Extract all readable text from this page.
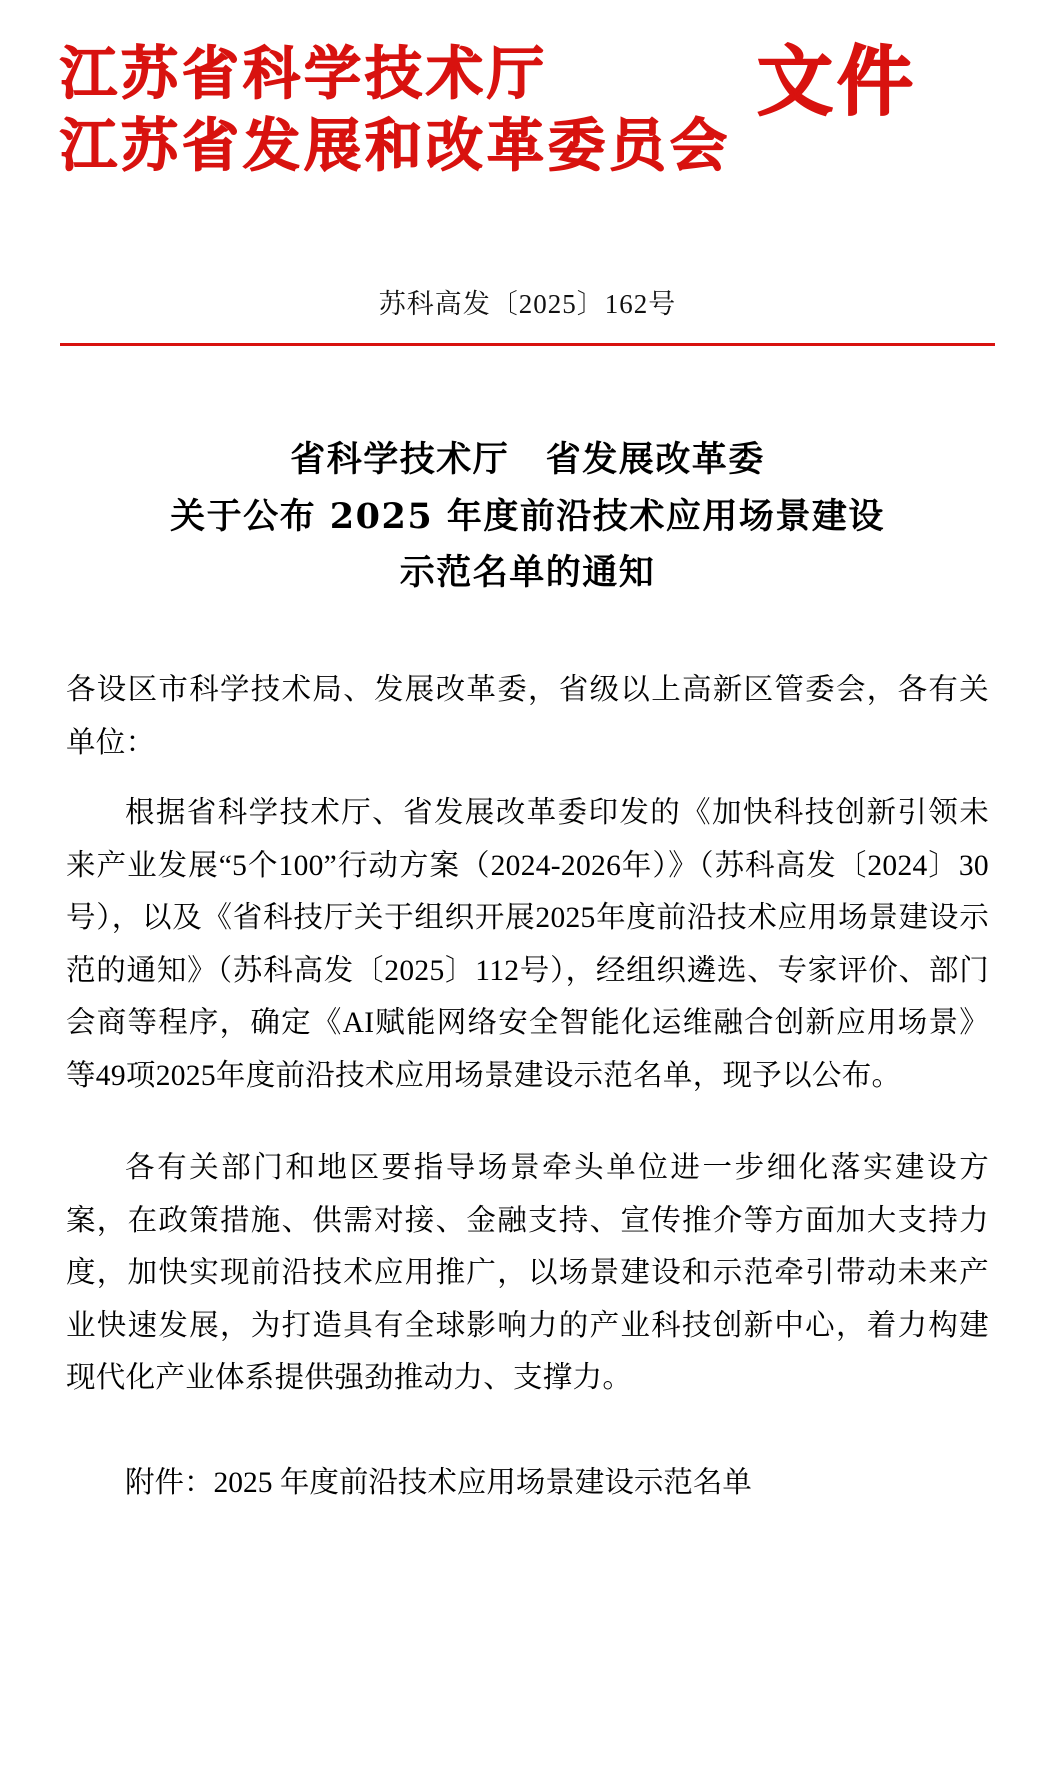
江苏省科学技术厅
江苏省发展和改革委员会
文件
苏科高发〔2025〕162号
省科学技术厅　省发展改革委
关于公布 2025 年度前沿技术应用场景建设
示范名单的通知

各设区市科学技术局、发展改革委，省级以上高新区管委会，各有关单位：

根据省科学技术厅、省发展改革委印发的《加快科技创新引领未来产业发展“5个100”行动方案（2024-2026年）》（苏科高发〔2024〕30号），以及《省科技厅关于组织开展2025年度前沿技术应用场景建设示范的通知》（苏科高发〔2025〕112号），经组织遴选、专家评价、部门会商等程序，确定《AI赋能网络安全智能化运维融合创新应用场景》等49项2025年度前沿技术应用场景建设示范名单，现予以公布。

各有关部门和地区要指导场景牵头单位进一步细化落实建设方案，在政策措施、供需对接、金融支持、宣传推介等方面加大支持力度，加快实现前沿技术应用推广，以场景建设和示范牵引带动未来产业快速发展，为打造具有全球影响力的产业科技创新中心，着力构建现代化产业体系提供强劲推动力、支撑力。

附件：2025 年度前沿技术应用场景建设示范名单
